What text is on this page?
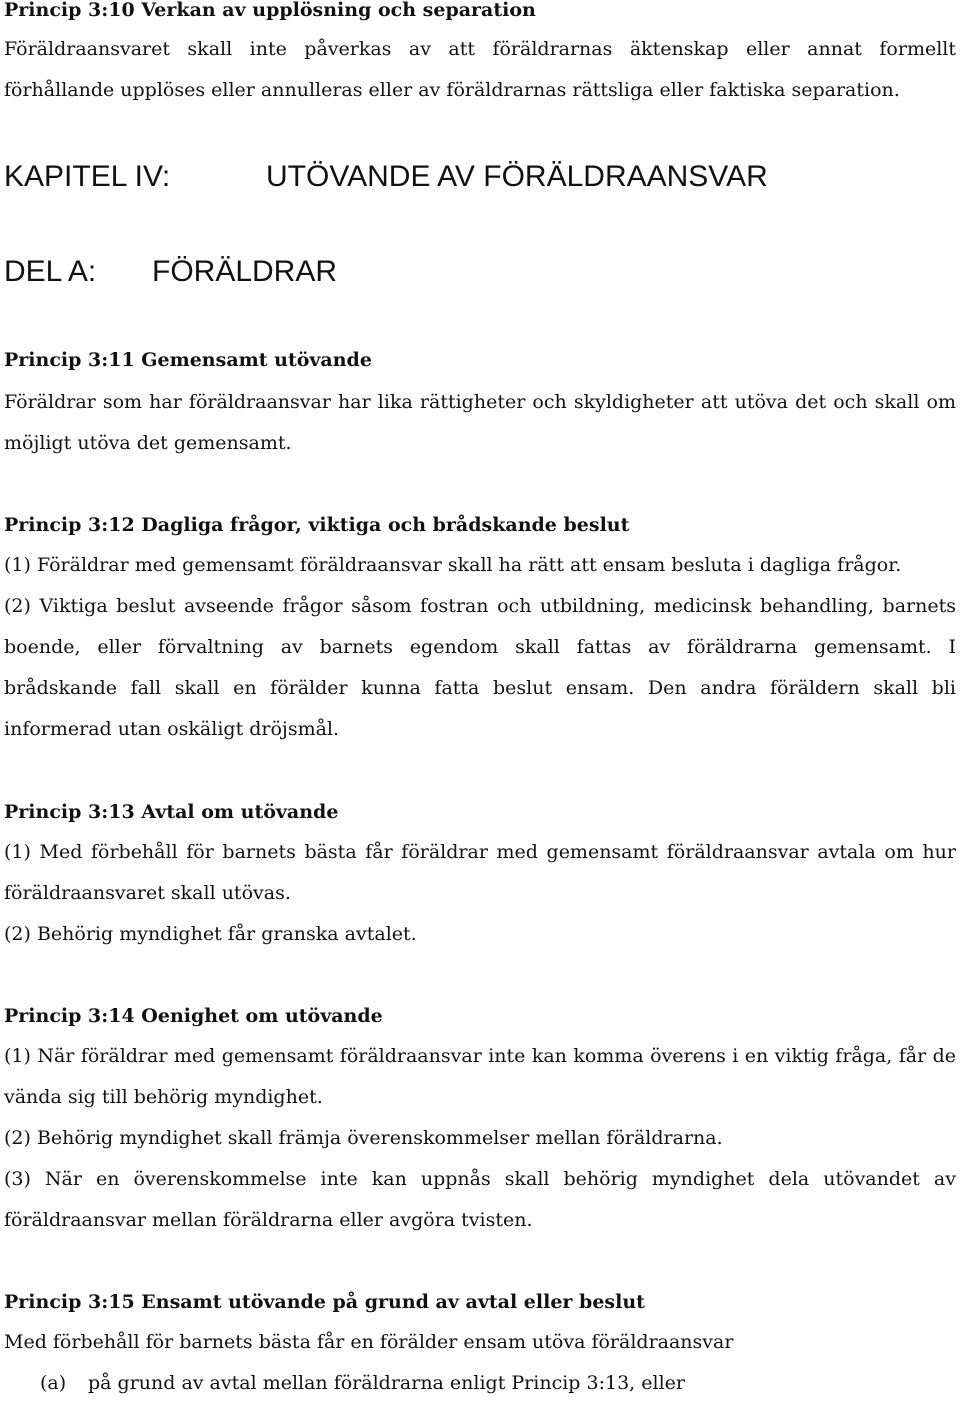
Princip 3:10 Verkan av upplösning och separation

Föräldraansvaret skall inte påverkas av att föräldrarnas äktenskap eller annat formellt förhållande upplöses eller annulleras eller av föräldrarnas rättsliga eller faktiska separation.

KAPITEL IV:	UTÖVANDE AV FÖRÄLDRAANSVAR
DEL A:	FÖRÄLDRAR
Princip 3:11 Gemensamt utövande

Föräldrar som har föräldraansvar har lika rättigheter och skyldigheter att utöva det och skall om möjligt utöva det gemensamt.

Princip 3:12 Dagliga frågor, viktiga och brådskande beslut

(1) Föräldrar med gemensamt föräldraansvar skall ha rätt att ensam besluta i dagliga frågor.

(2) Viktiga beslut avseende frågor såsom fostran och utbildning, medicinsk behandling, barnets boende, eller förvaltning av barnets egendom skall fattas av föräldrarna gemensamt. I brådskande fall skall en förälder kunna fatta beslut ensam. Den andra föräldern skall bli informerad utan oskäligt dröjsmål.

Princip 3:13 Avtal om utövande

(1) Med förbehåll för barnets bästa får föräldrar med gemensamt föräldraansvar avtala om hur föräldraansvaret skall utövas.

(2) Behörig myndighet får granska avtalet.

Princip 3:14 Oenighet om utövande

(1) När föräldrar med gemensamt föräldraansvar inte kan komma överens i en viktig fråga, får de vända sig till behörig myndighet.

(2) Behörig myndighet skall främja överenskommelser mellan föräldrarna.

(3) När en överenskommelse inte kan uppnås skall behörig myndighet dela utövandet av föräldraansvar mellan föräldrarna eller avgöra tvisten.

Princip 3:15 Ensamt utövande på grund av avtal eller beslut

Med förbehåll för barnets bästa får en förälder ensam utöva föräldraansvar

(a)	på grund av avtal mellan föräldrarna enligt Princip 3:13, eller
